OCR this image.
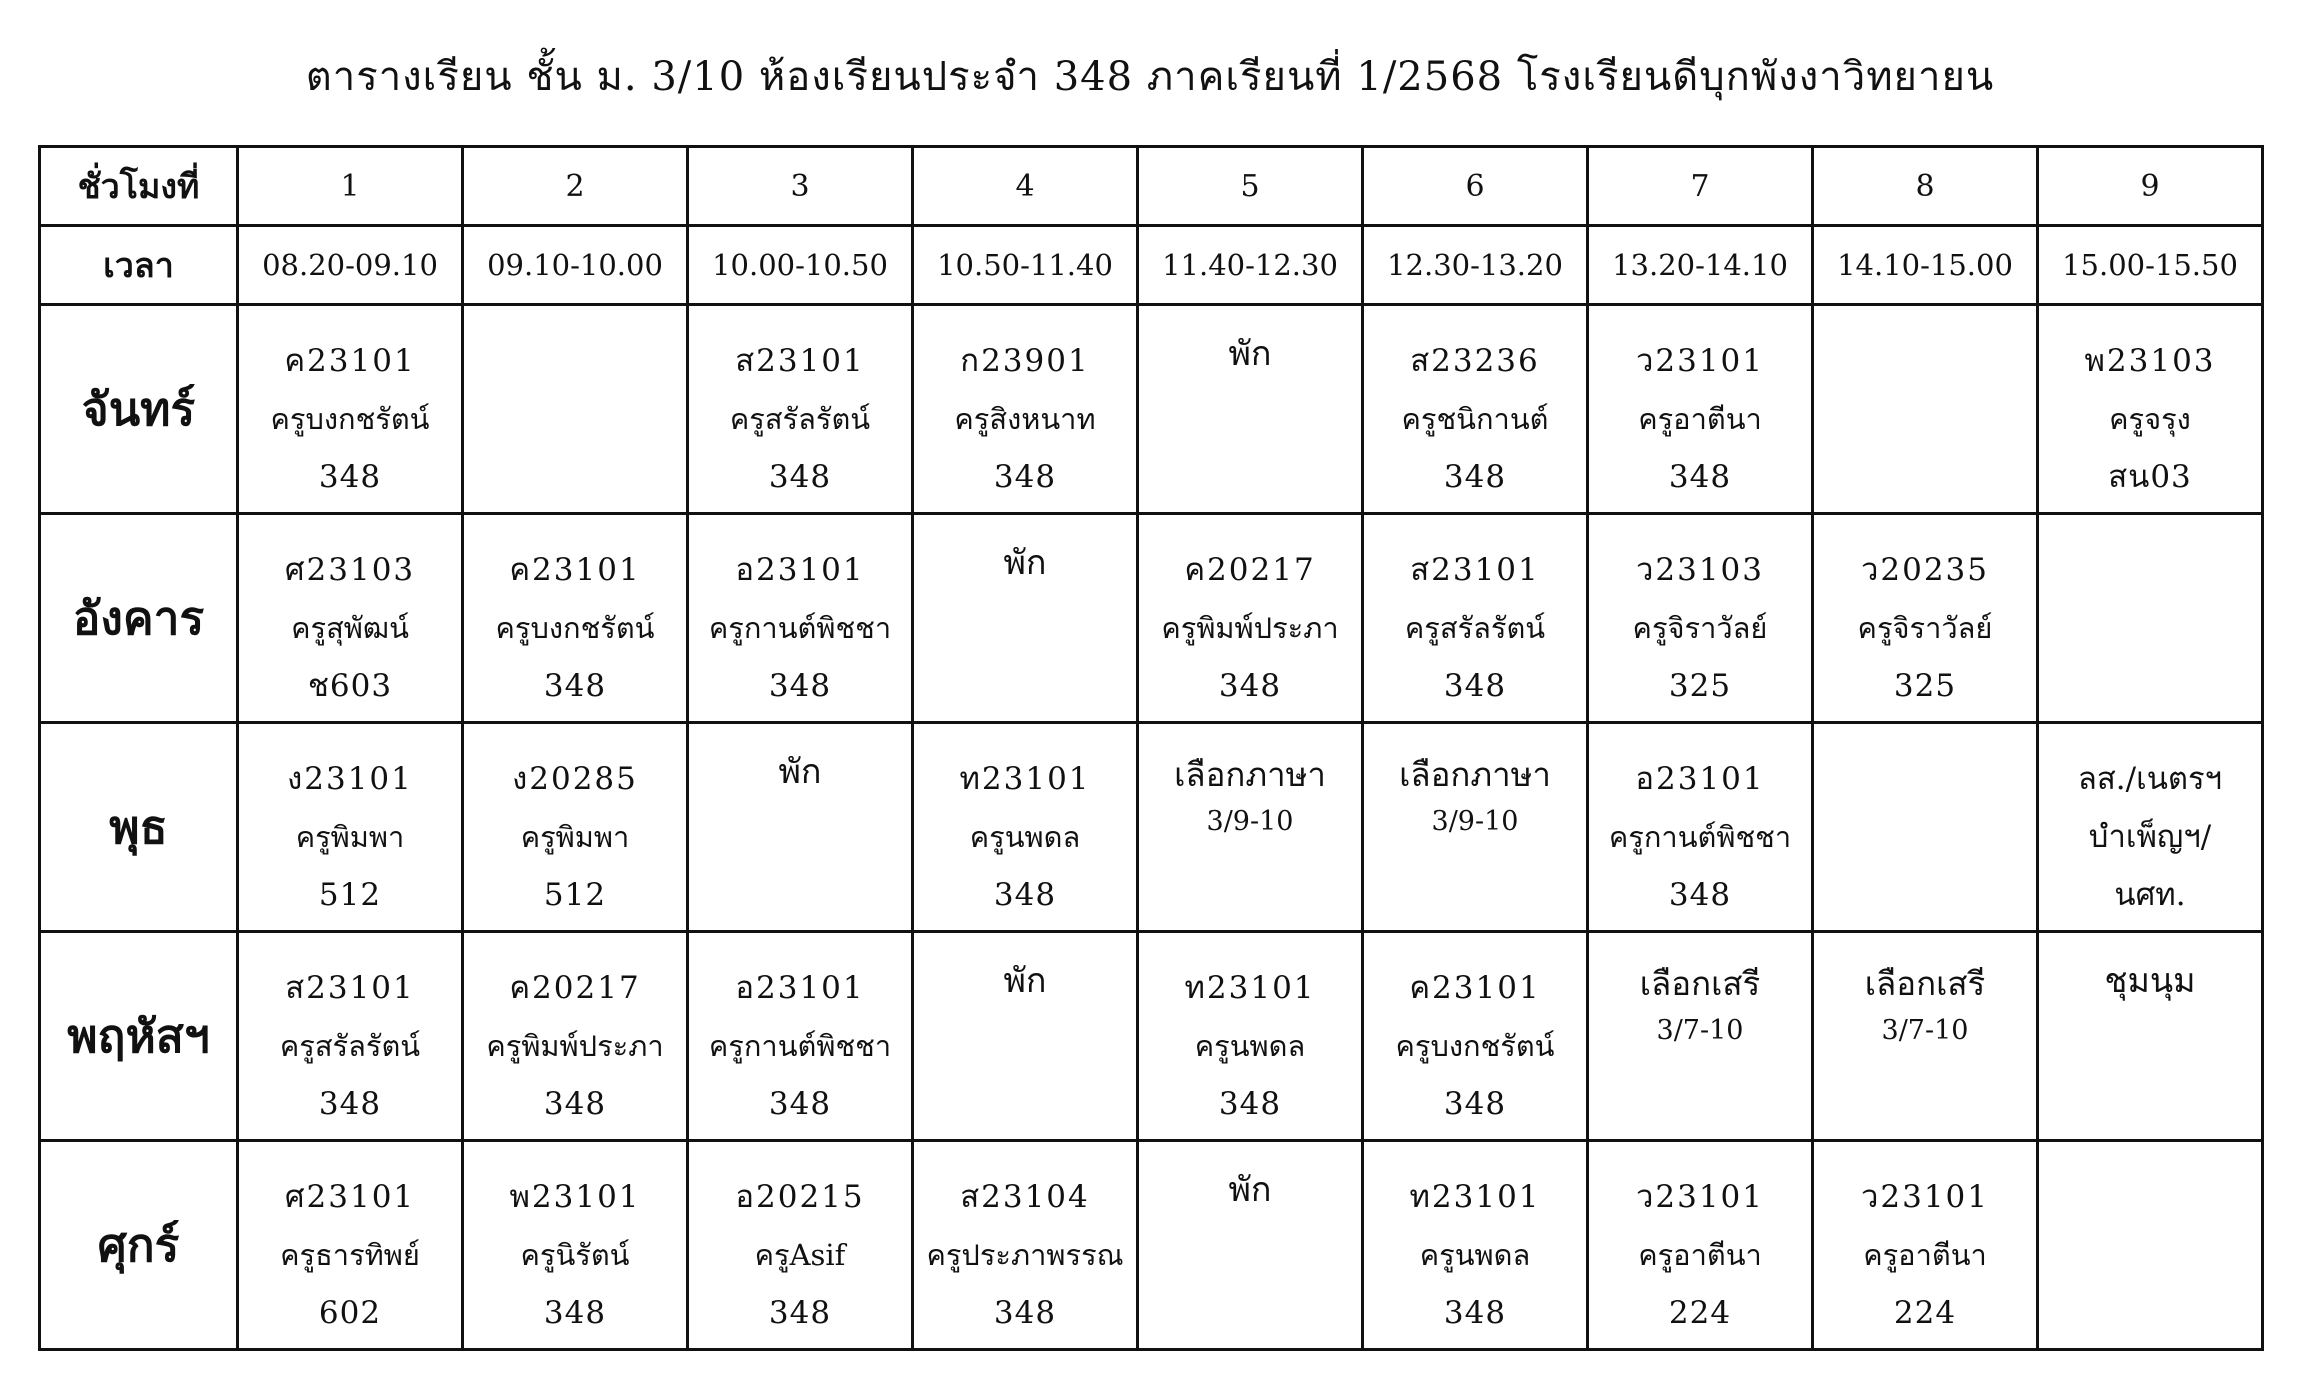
ตารางเรียน ชั้น ม. 3/10 ห้องเรียนประจำ 348 ภาคเรียนที่ 1/2568 โรงเรียนดีบุกพังงาวิทยายน
ชั่วโมงที่	1	2	3	4	5	6	7	8	9
เวลา	08.20-09.10	09.10-10.00	10.00-10.50	10.50-11.40	11.40-12.30	12.30-13.20	13.20-14.10	14.10-15.00	15.00-15.50
จันทร์	ค23101
ครูบงกชรัตน์
348		ส23101
ครูสรัลรัตน์
348	ก23901
ครูสิงหนาท
348	พัก	ส23236
ครูชนิกานต์
348	ว23101
ครูอาตีนา
348		พ23103
ครูจรุง
สน03

อังคาร	ศ23103
ครูสุพัฒน์
ช603	ค23101
ครูบงกชรัตน์
348	อ23101
ครูกานต์พิชชา
348	พัก	ค20217
ครูพิมพ์ประภา
348	ส23101
ครูสรัลรัตน์
348	ว23103
ครูจิราวัลย์
325	ว20235
ครูจิราวัลย์
325	

พุธ	ง23101
ครูพิมพา
512	ง20285
ครูพิมพา
512	พัก	ท23101
ครูนพดล
348	เลือกภาษา
3/9-10	เลือกภาษา
3/9-10	อ23101
ครูกานต์พิชชา
348		ลส./เนตรฯ
บำเพ็ญฯ/
นศท.

พฤหัสฯ	ส23101
ครูสรัลรัตน์
348	ค20217
ครูพิมพ์ประภา
348	อ23101
ครูกานต์พิชชา
348	พัก	ท23101
ครูนพดล
348	ค23101
ครูบงกชรัตน์
348	เลือกเสรี
3/7-10	เลือกเสรี
3/7-10	ชุมนุม

ศุกร์	ศ23101
ครูธารทิพย์
602	พ23101
ครูนิรัตน์
348	อ20215
ครูAsif
348	ส23104
ครูประภาพรรณ
348	พัก	ท23101
ครูนพดล
348	ว23101
ครูอาตีนา
224	ว23101
ครูอาตีนา
224	
